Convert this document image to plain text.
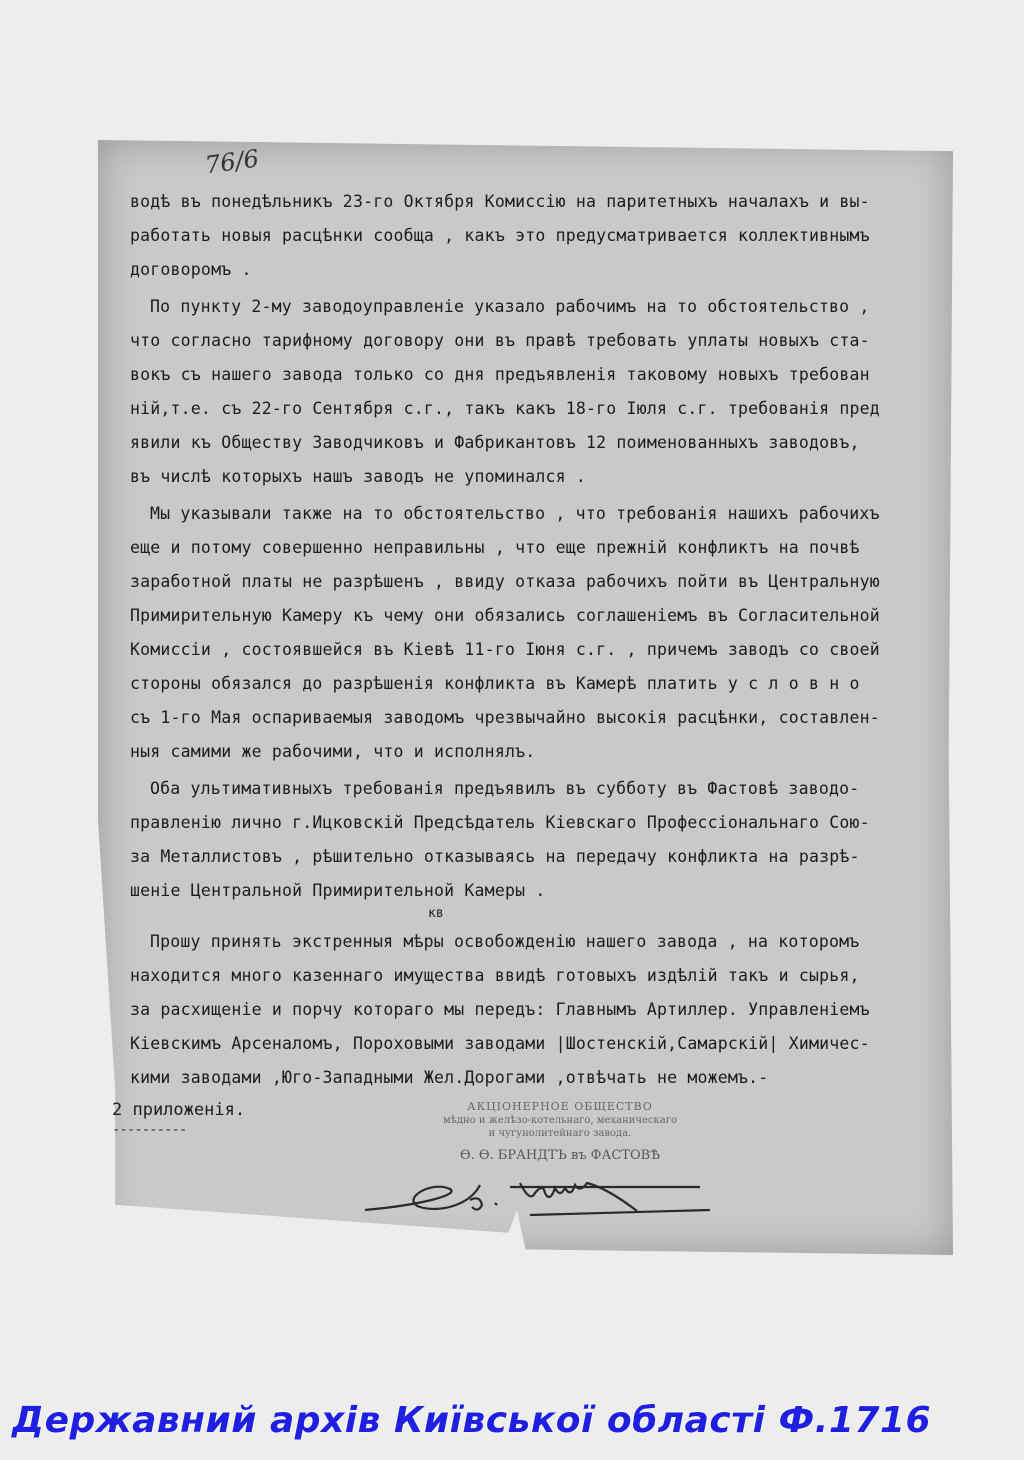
76/6
водѣ въ понедѣльникъ 23-го Октября Комиссію на паритетныхъ началахъ и вы-
работать новыя расцѣнки сообща , какъ это предусматривается коллективнымъ
договоромъ .
По пункту 2-му заводоуправленіе указало рабочимъ на то обстоятельство ,
что согласно тарифному договору они въ правѣ требовать уплаты новыхъ ста-
вокъ съ нашего завода только со дня предъявленія таковому новыхъ требован
ній,т.е. съ 22-го Сентября с.г., такъ какъ 18-го Іюля с.г. требованія пред
явили къ Обществу Заводчиковъ и Фабрикантовъ 12 поименованныхъ заводовъ,
въ числѣ которыхъ нашъ заводъ не упоминался .
Мы указывали также на то обстоятельство , что требованія нашихъ рабочихъ
еще и потому совершенно неправильны , что еще прежній конфликтъ на почвѣ
заработной платы не разрѣшенъ , ввиду отказа рабочихъ пойти въ Центральную
Примирительную Камеру къ чему они обязались соглашеніемъ въ Согласительной
Комиссіи , состоявшейся въ Кіевѣ 11-го Іюня с.г. , причемъ заводъ со своей
стороны обязался до разрѣшенія конфликта въ Камерѣ платить у с л о в н о
съ 1-го Мая оспариваемыя заводомъ чрезвычайно высокія расцѣнки, составлен-
ныя самими же рабочими, что и исполнялъ.
Оба ультимативныхъ требованія предъявилъ въ субботу въ Фастовѣ заводо-
правленію лично г.Ицковскій Предсѣдатель Кіевскаго Профессіональнаго Сою-
за Металлистовъ , рѣшительно отказываясь на передачу конфликта на разрѣ-
шеніе Центральной Примирительной Камеры .
кв
Прошу принять экстренныя мѣры освобожденію нашего завода , на которомъ
находится много казеннаго имущества ввидѣ готовыхъ издѣлій такъ и сырья,
за расхищеніе и порчу котораго мы передъ: Главнымъ Артиллер. Управленіемъ
Кіевскимъ Арсеналомъ, Пороховыми заводами |Шостенскій,Самарскій| Химичес-
кими заводами ,Юго-Западными Жел.Дорогами ,отвѣчать не можемъ.-
2 приложенія.
----------
АКЦІОНЕРНОЕ ОБЩЕСТВО
мѣдно и желѣзо-котельнаго, механическаго
и чугунолитейнаго завода.
Ѳ. Ѳ. БРАНДТЪ въ ФАСТОВѢ
Державний архів Київської області Ф.1716
